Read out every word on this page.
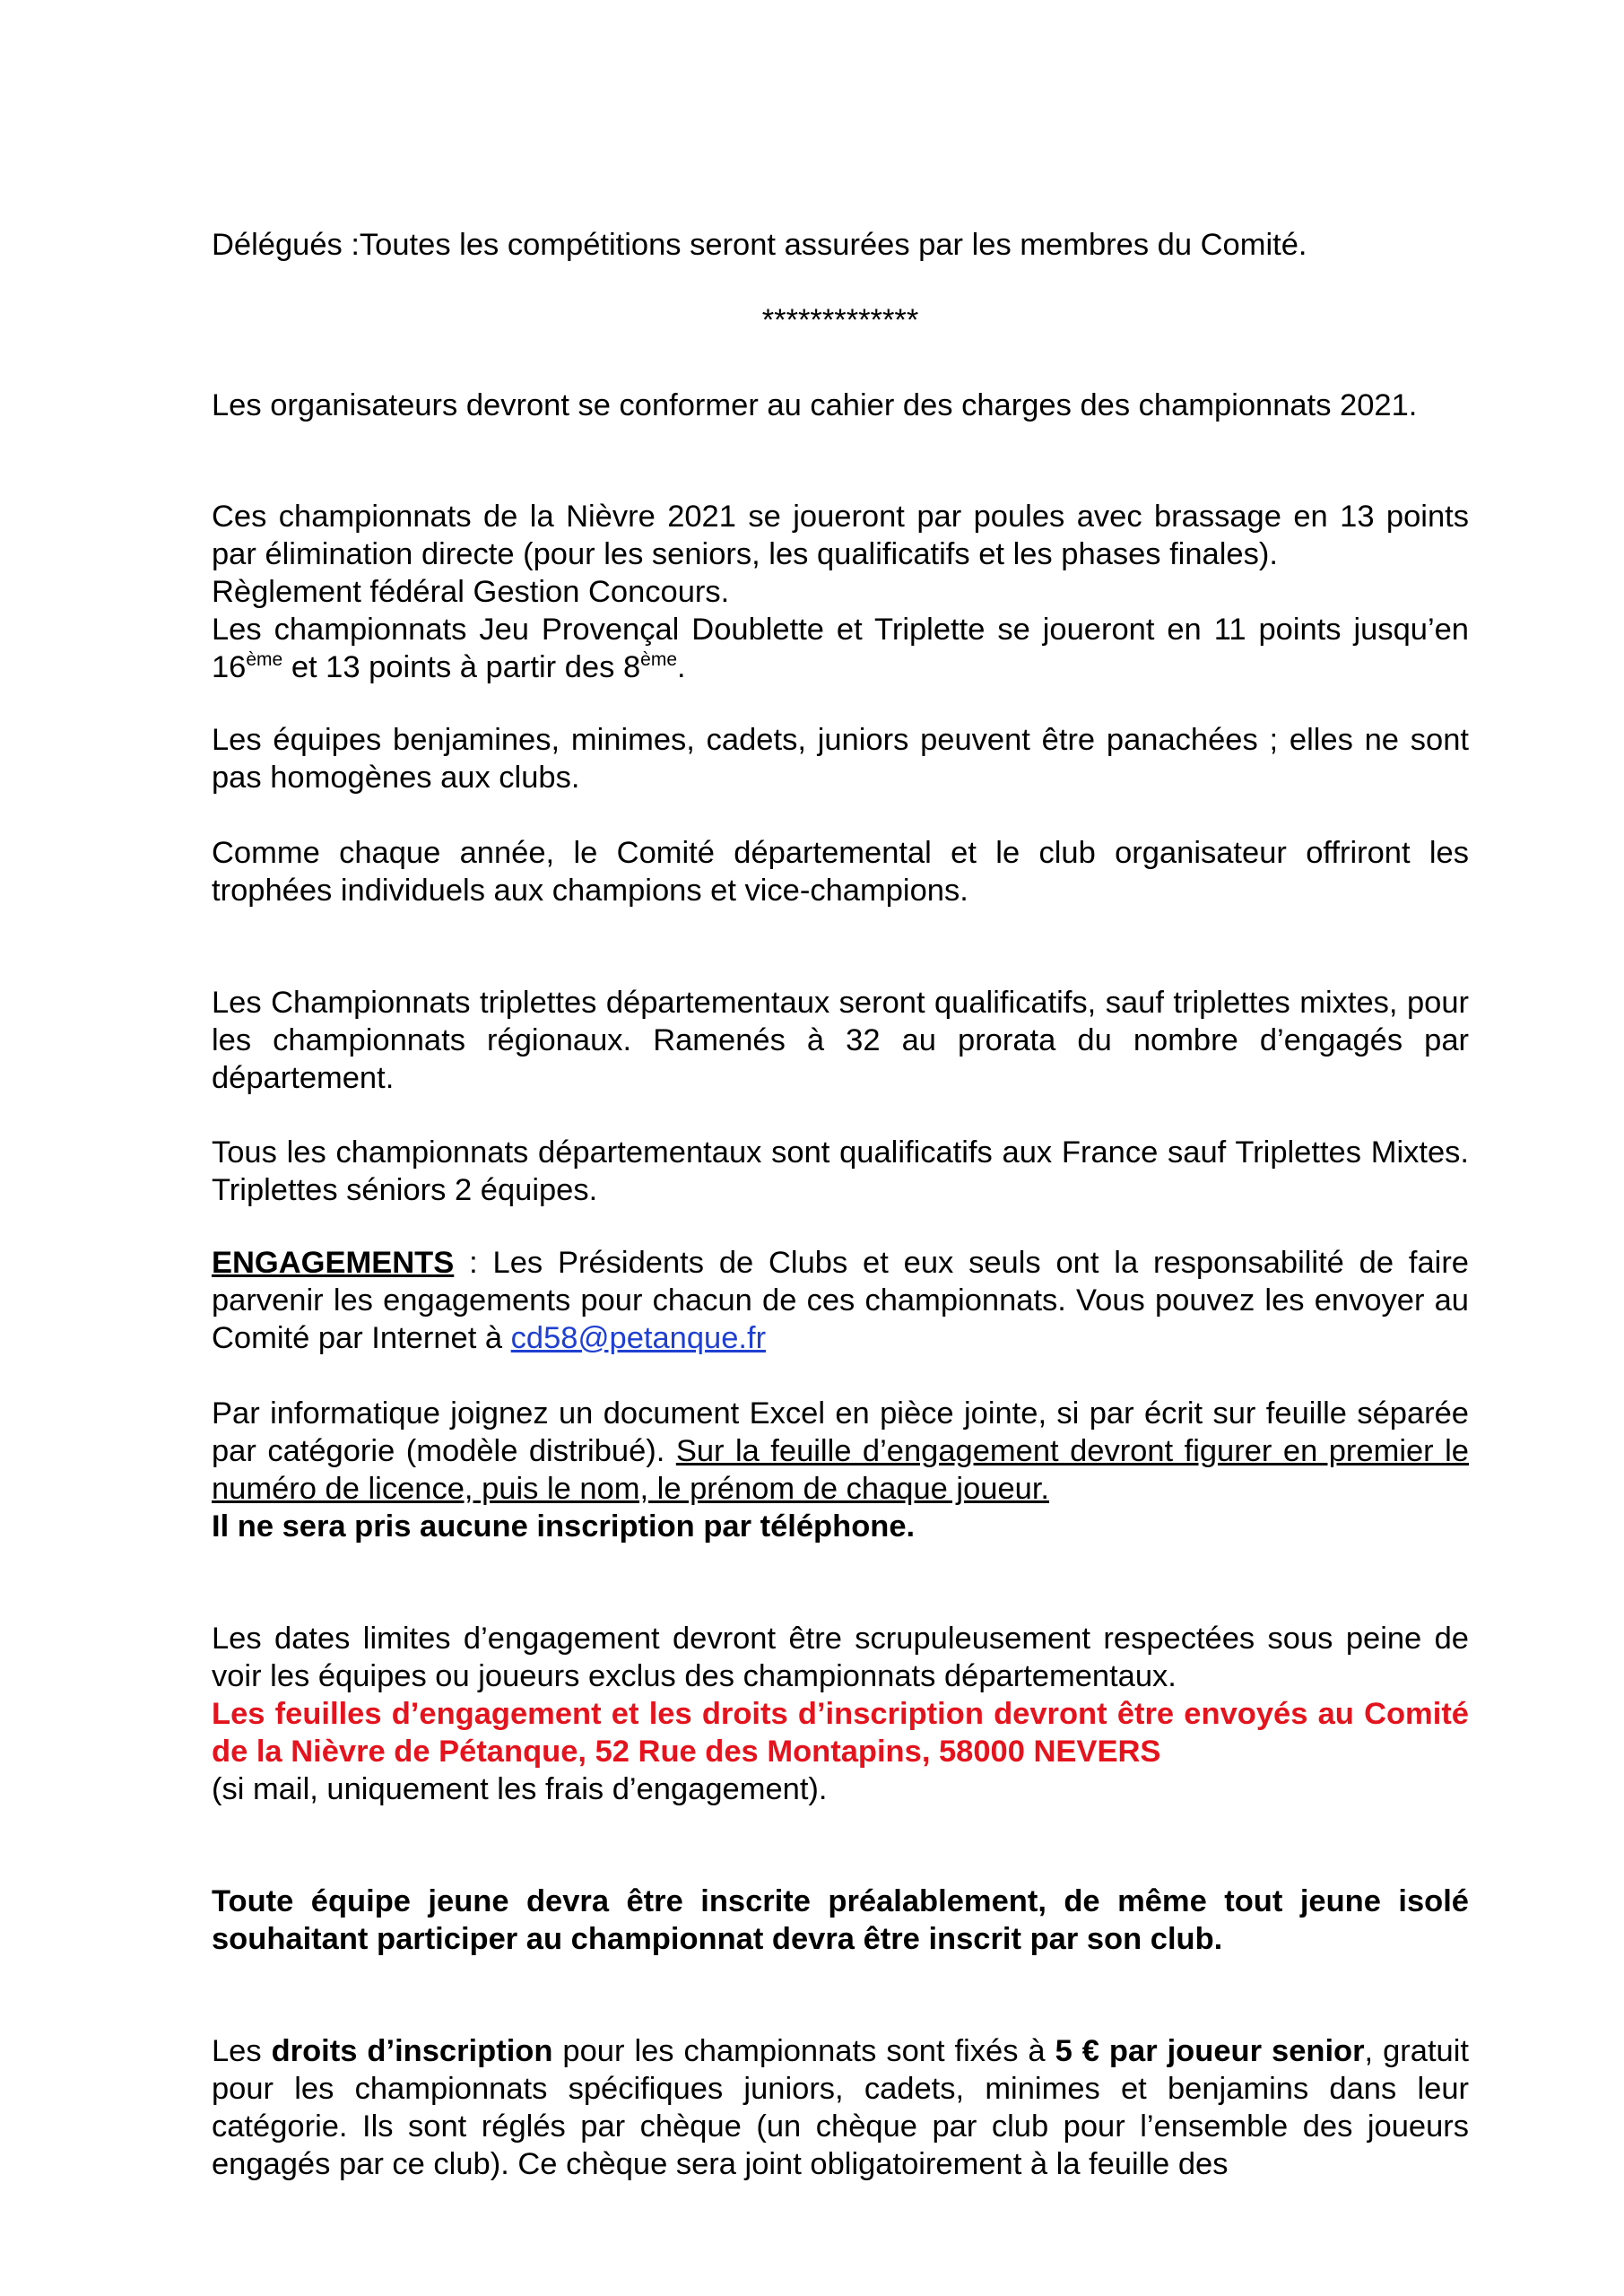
Délégués :Toutes les compétitions seront assurées par les membres du Comité.

*************

Les organisateurs devront se conformer au cahier des charges des championnats 2021.

Ces championnats de la Nièvre 2021 se joueront par poules avec brassage en 13 points par élimination directe (pour les seniors, les qualificatifs et les phases finales).
Règlement fédéral Gestion Concours.
Les championnats Jeu Provençal Doublette et Triplette se joueront en 11 points jusqu’en 16ème et 13 points à partir des 8ème.

Les équipes benjamines, minimes, cadets, juniors peuvent être panachées ; elles ne sont pas homogènes aux clubs.

Comme chaque année, le Comité départemental et le club organisateur offriront les trophées individuels aux champions et vice-champions.

Les Championnats triplettes départementaux seront qualificatifs, sauf triplettes mixtes, pour les championnats régionaux. Ramenés à 32 au prorata du nombre d’engagés par département.

Tous les championnats départementaux sont qualificatifs aux France sauf Triplettes Mixtes. Triplettes séniors 2 équipes.

ENGAGEMENTS : Les Présidents de Clubs et eux seuls ont la responsabilité de faire parvenir les engagements pour chacun de ces championnats. Vous pouvez les envoyer au Comité par Internet à cd58@petanque.fr

Par informatique joignez un document Excel en pièce jointe, si par écrit sur feuille séparée par catégorie (modèle distribué). Sur la feuille d’engagement devront figurer en premier le numéro de licence, puis le nom, le prénom de chaque joueur.
Il ne sera pris aucune inscription par téléphone.

Les dates limites d’engagement devront être scrupuleusement respectées sous peine de voir les équipes ou joueurs exclus des championnats départementaux.
Les feuilles d’engagement et les droits d’inscription devront être envoyés au Comité de la Nièvre de Pétanque, 52 Rue des Montapins, 58000 NEVERS
(si mail, uniquement les frais d’engagement).

Toute équipe jeune devra être inscrite préalablement, de même tout jeune isolé souhaitant participer au championnat devra être inscrit par son club.

Les droits d’inscription pour les championnats sont fixés à 5 € par joueur senior, gratuit pour les championnats spécifiques juniors, cadets, minimes et benjamins dans leur catégorie. Ils sont réglés par chèque (un chèque par club pour l’ensemble des joueurs engagés par ce club). Ce chèque sera joint obligatoirement à la feuille des
